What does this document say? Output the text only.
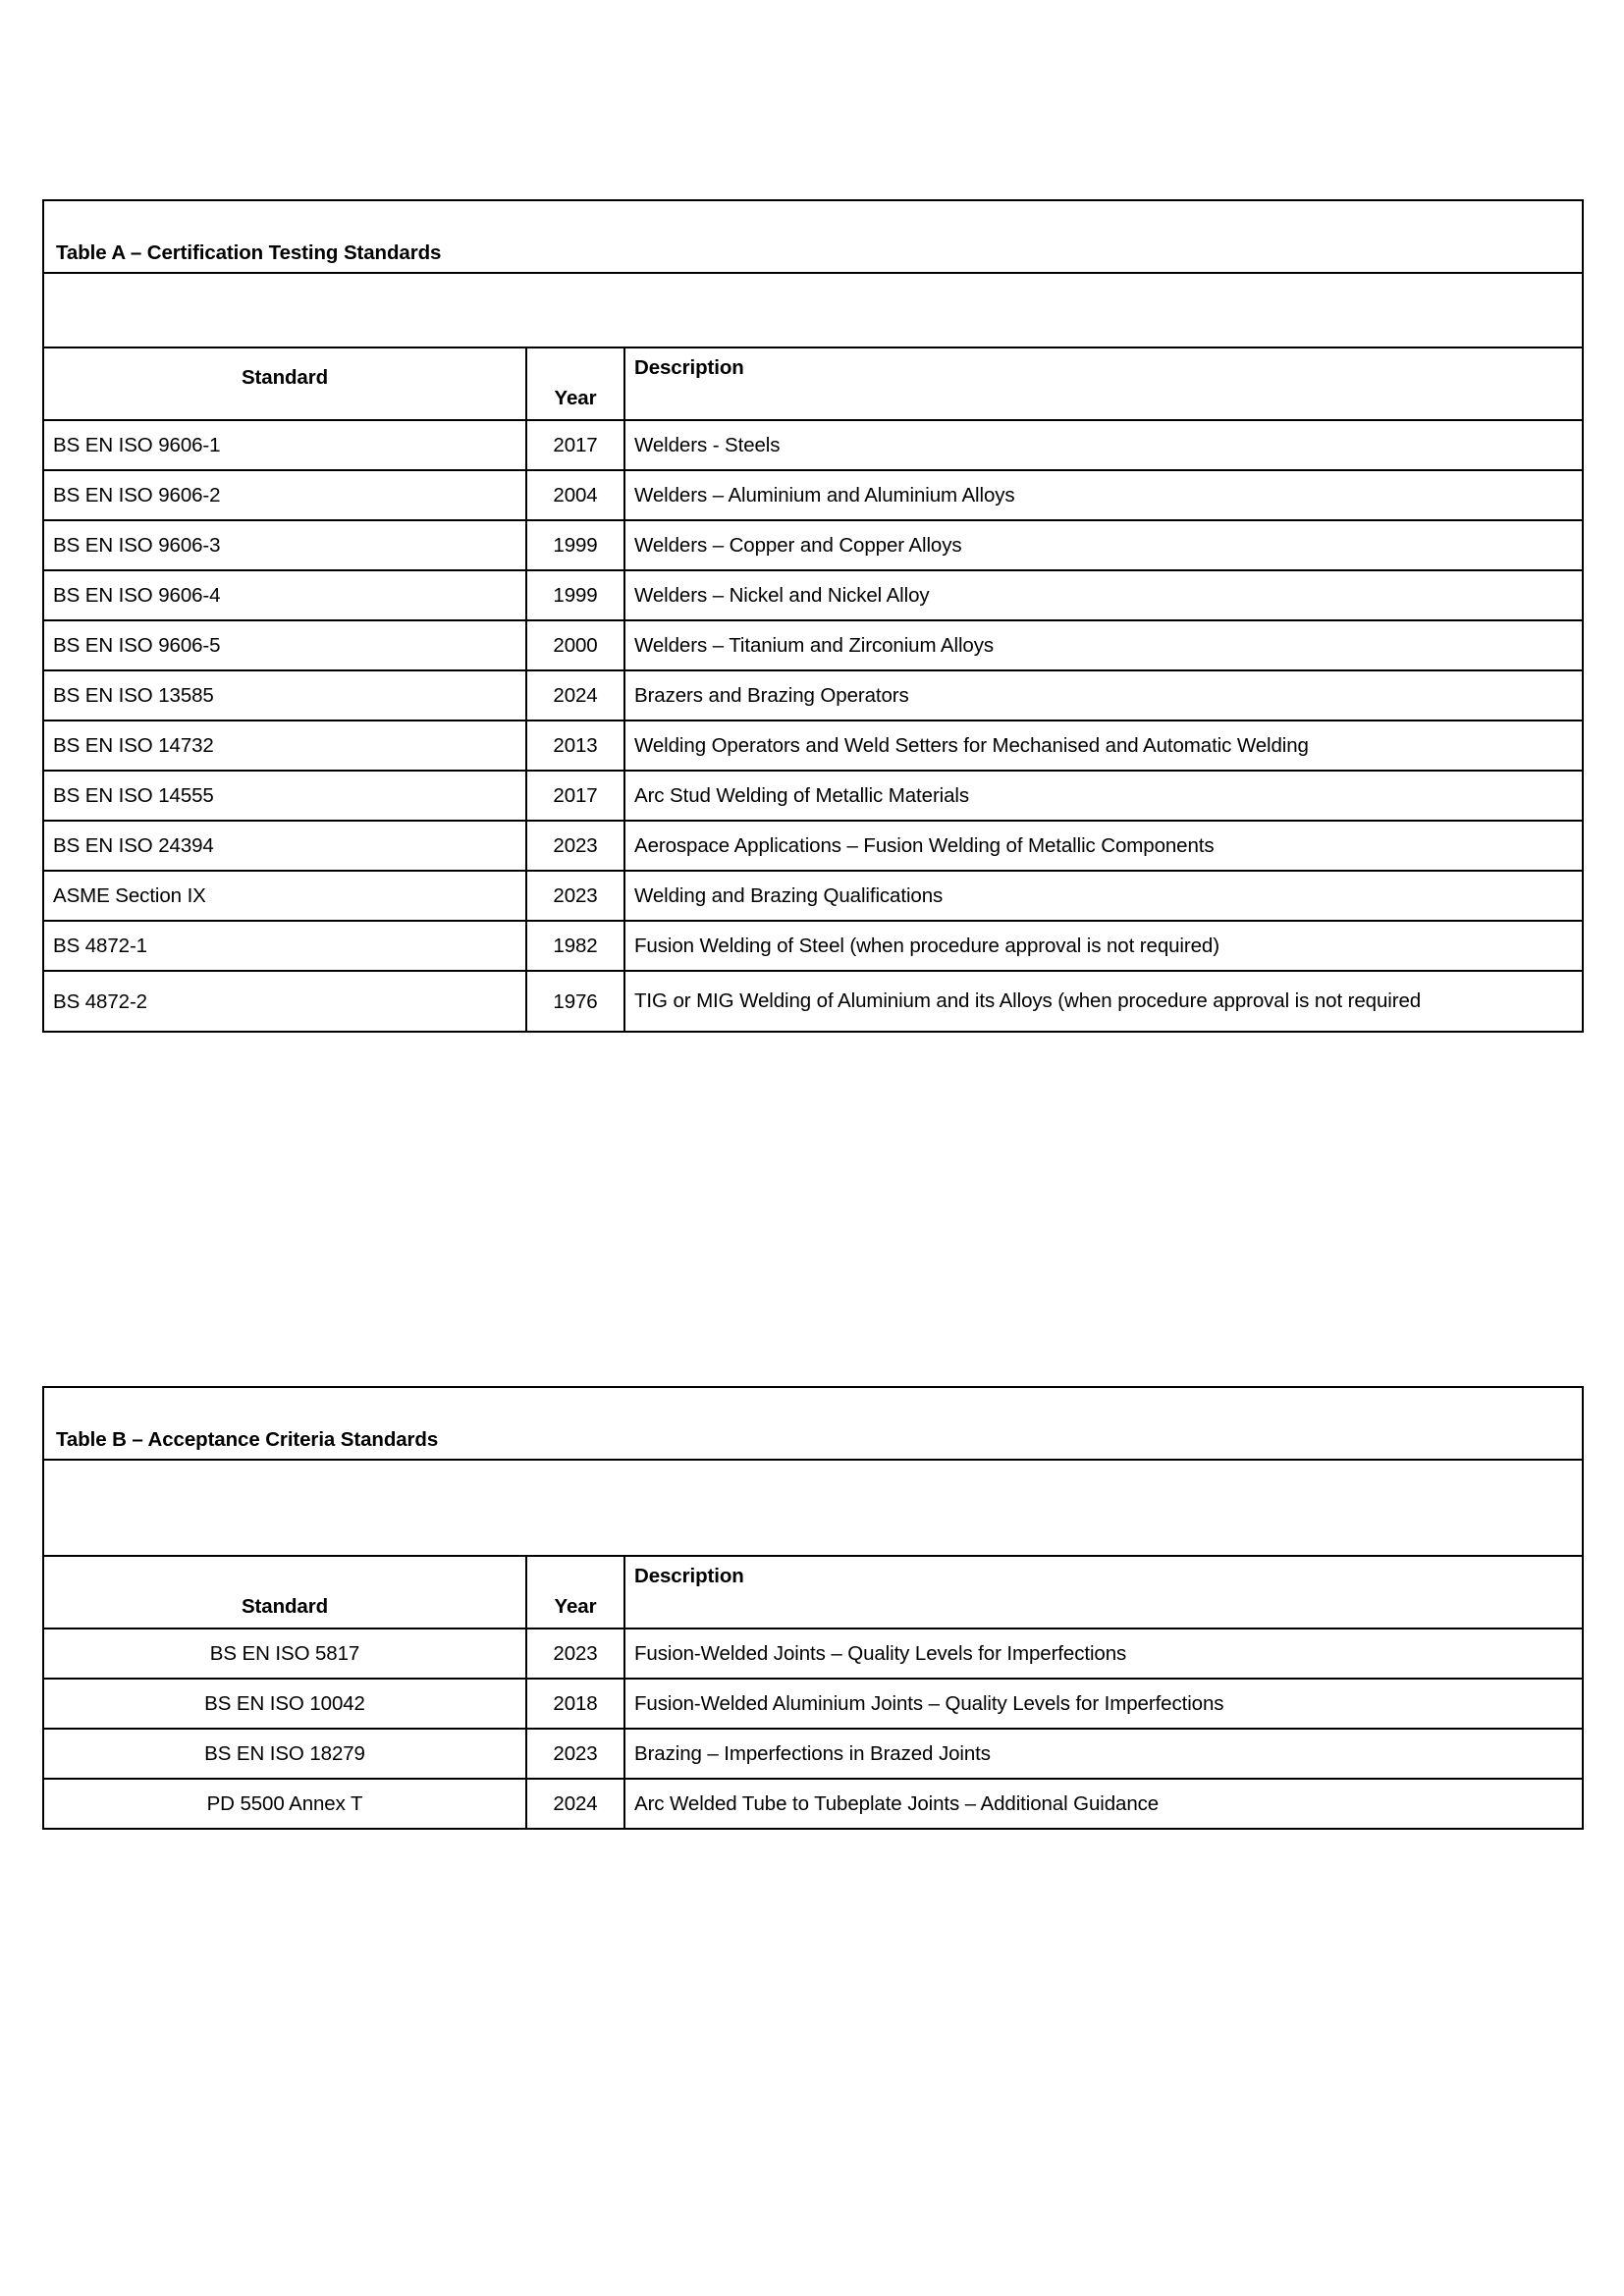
Table A – Certification Testing Standards		

Standard	Year	Description
BS EN ISO 9606-1	2017	Welders - Steels
BS EN ISO 9606-2	2004	Welders – Aluminium and Aluminium Alloys
BS EN ISO 9606-3	1999	Welders – Copper and Copper Alloys
BS EN ISO 9606-4	1999	Welders – Nickel and Nickel Alloy
BS EN ISO 9606-5	2000	Welders – Titanium and Zirconium Alloys
BS EN ISO 13585	2024	Brazers and Brazing Operators
BS EN ISO 14732	2013	Welding Operators and Weld Setters for Mechanised and Automatic Welding
BS EN ISO 14555	2017	Arc Stud Welding of Metallic Materials
BS EN ISO 24394	2023	Aerospace Applications – Fusion Welding of Metallic Components
ASME Section IX	2023	Welding and Brazing Qualifications
BS 4872-1	1982	Fusion Welding of Steel (when procedure approval is not required)
BS 4872-2	1976	TIG or MIG Welding of Aluminium and its Alloys (when procedure approval is not required
Table B – Acceptance Criteria Standards		

Standard	Year	Description
BS EN ISO 5817	2023	Fusion-Welded Joints – Quality Levels for Imperfections
BS EN ISO 10042	2018	Fusion-Welded Aluminium Joints – Quality Levels for Imperfections
BS EN ISO 18279	2023	Brazing – Imperfections in Brazed Joints
PD 5500 Annex T	2024	Arc Welded Tube to Tubeplate Joints – Additional Guidance
